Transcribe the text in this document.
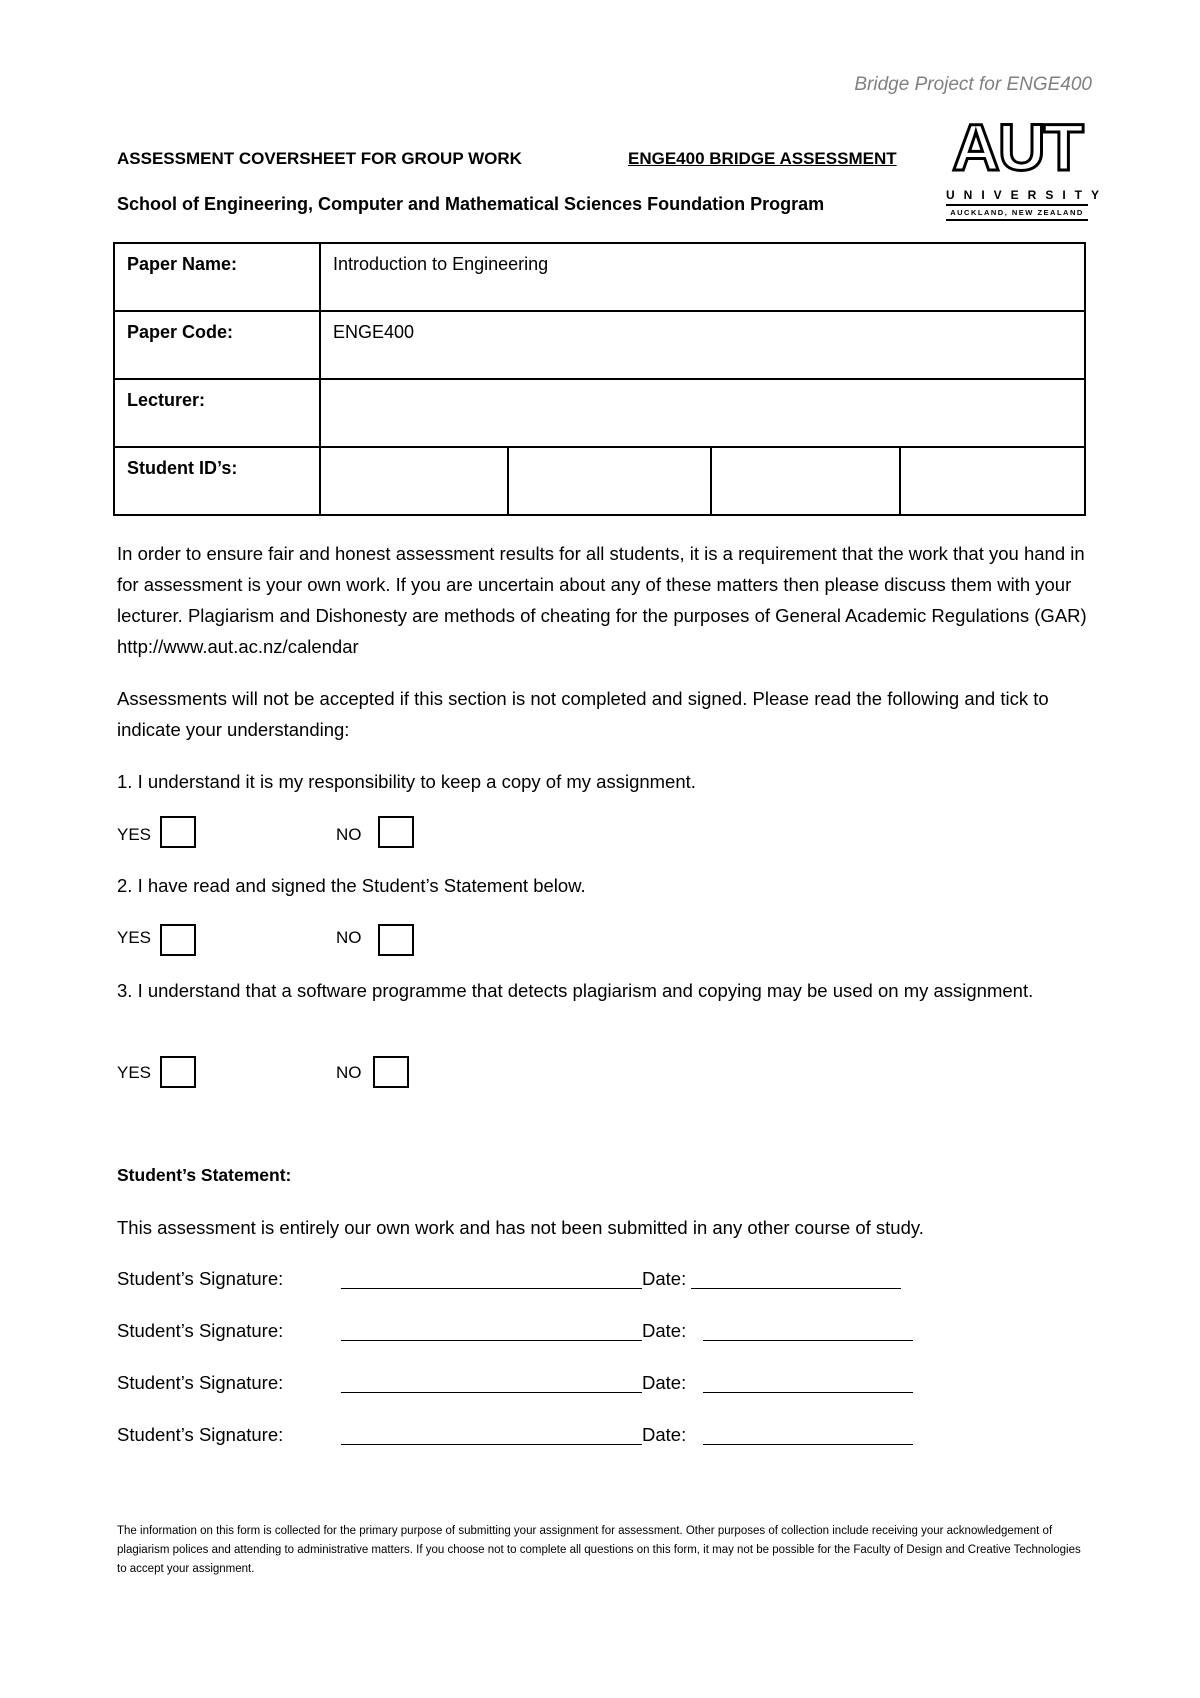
Bridge Project for ENGE400
ASSESSMENT COVERSHEET FOR GROUP WORK	ENGE400 BRIDGE ASSESSMENT
School of Engineering, Computer and Mathematical Sciences Foundation Program
AUT
UNIVERSITY
AUCKLAND, NEW ZEALAND
Paper Name:	Introduction to Engineering			
Paper Code:	ENGE400			
Lecturer:				
Student ID’s:				
In order to ensure fair and honest assessment results for all students, it is a requirement that the work that you hand in for assessment is your own work. If you are uncertain about any of these matters then please discuss them with your lecturer. Plagiarism and Dishonesty are methods of cheating for the purposes of General Academic Regulations (GAR) http://www.aut.ac.nz/calendar
Assessments will not be accepted if this section is not completed and signed. Please read the following and tick to indicate your understanding:
1. I understand it is my responsibility to keep a copy of my assignment.
YES	NO
2. I have read and signed the Student’s Statement below.
YES	NO
3. I understand that a software programme that detects plagiarism and copying may be used on my assignment.
YES	NO
Student’s Statement:
This assessment is entirely our own work and has not been submitted in any other course of study.
Student’s Signature:	Date:
Student’s Signature:	Date:
Student’s Signature:	Date:
Student’s Signature:	Date:
The information on this form is collected for the primary purpose of submitting your assignment for assessment. Other purposes of collection include receiving your acknowledgement of plagiarism polices and attending to administrative matters. If you choose not to complete all questions on this form, it may not be possible for the Faculty of Design and Creative Technologies to accept your assignment.
